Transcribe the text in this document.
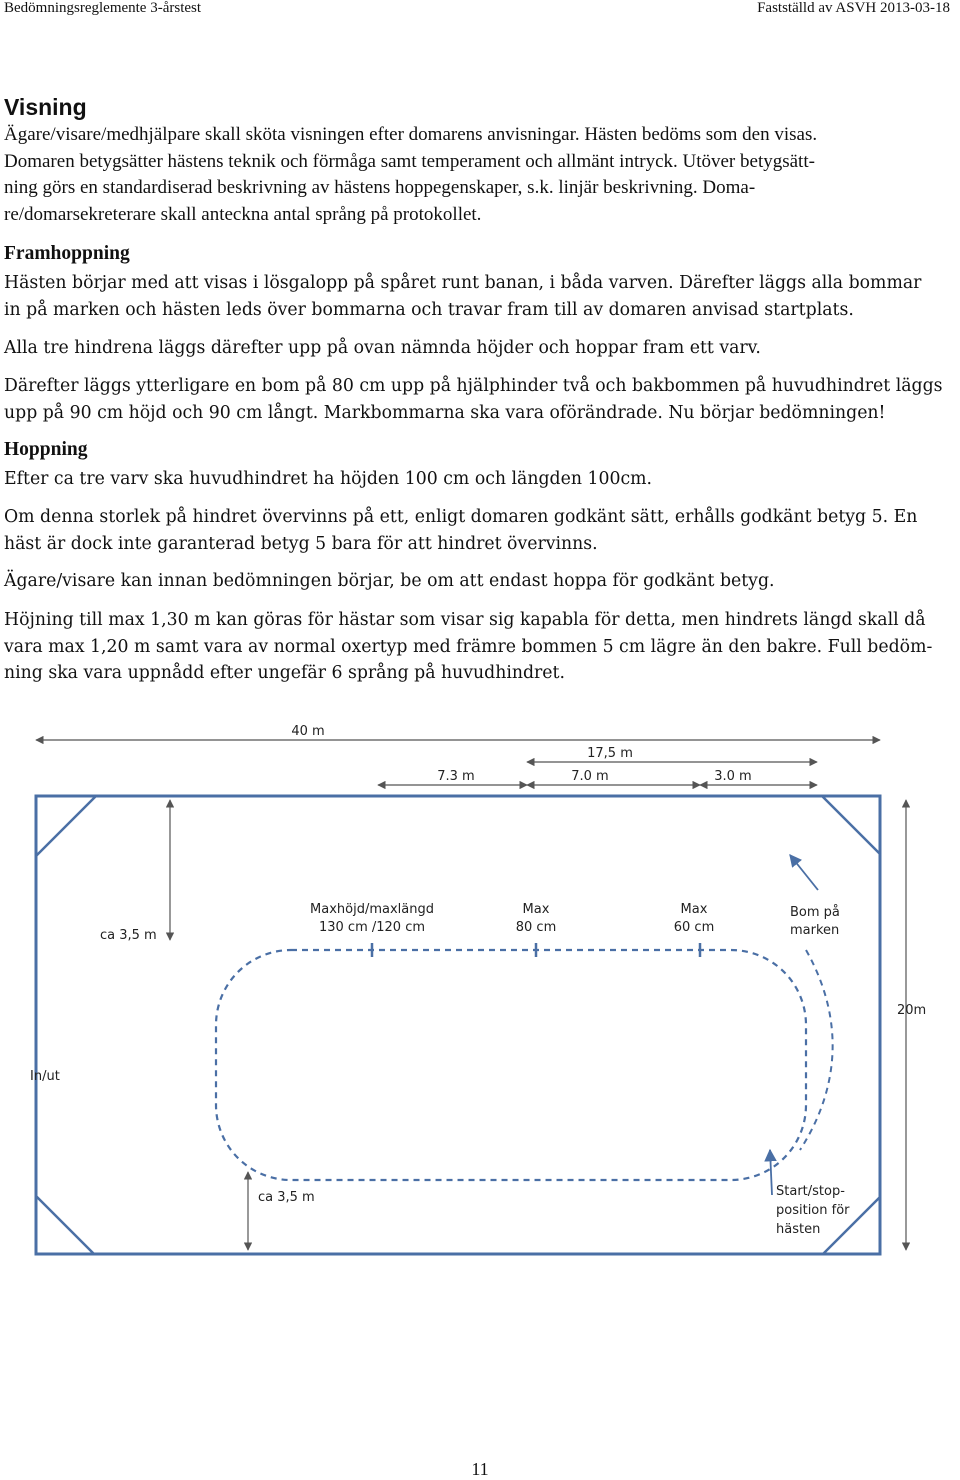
Bedömningsreglemente 3-årstest	Fastställd av ASVH 2013-03-18
Visning

Ägare/visare/medhjälpare skall sköta visningen efter domarens anvisningar. Hästen bedöms som den visas.
Domaren betygsätter hästens teknik och förmåga samt temperament och allmänt intryck. Utöver betygsätt-
ning görs en standardiserad beskrivning av hästens hoppegenskaper, s.k. linjär beskrivning. Doma-
re/domarsekreterare skall anteckna antal språng på protokollet.

Framhoppning

Hästen börjar med att visas i lösgalopp på spåret runt banan, i båda varven. Därefter läggs alla bommar
in på marken och hästen leds över bommarna och travar fram till av domaren anvisad startplats.

Alla tre hindrena läggs därefter upp på ovan nämnda höjder och hoppar fram ett varv.

Därefter läggs ytterligare en bom på 80 cm upp på hjälphinder två och bakbommen på huvudhindret läggs
upp på 90 cm höjd och 90 cm långt. Markbommarna ska vara oförändrade. Nu börjar bedömningen!

Hoppning

Efter ca tre varv ska huvudhindret ha höjden 100 cm och längden 100cm.

Om denna storlek på hindret övervinns på ett, enligt domaren godkänt sätt, erhålls godkänt betyg 5. En
häst är dock inte garanterad betyg 5 bara för att hindret övervinns.

Ägare/visare kan innan bedömningen börjar, be om att endast hoppa för godkänt betyg.

Höjning till max 1,30 m kan göras för hästar som visar sig kapabla för detta, men hindrets längd skall då
vara max 1,20 m samt vara av normal oxertyp med främre bommen 5 cm lägre än den bakre. Full bedöm-
ning ska vara uppnådd efter ungefär 6 språng på huvudhindret.

40 m
17,5 m
7.3 m	7.0 m	3.0 m
ca 3,5 m
ca 3,5 m
20m
Maxhöjd/maxlängd
130 cm /120 cm
Max
80 cm
Max
60 cm
Bom på
marken
In/ut
Start/stop-
position för
hästen
11
